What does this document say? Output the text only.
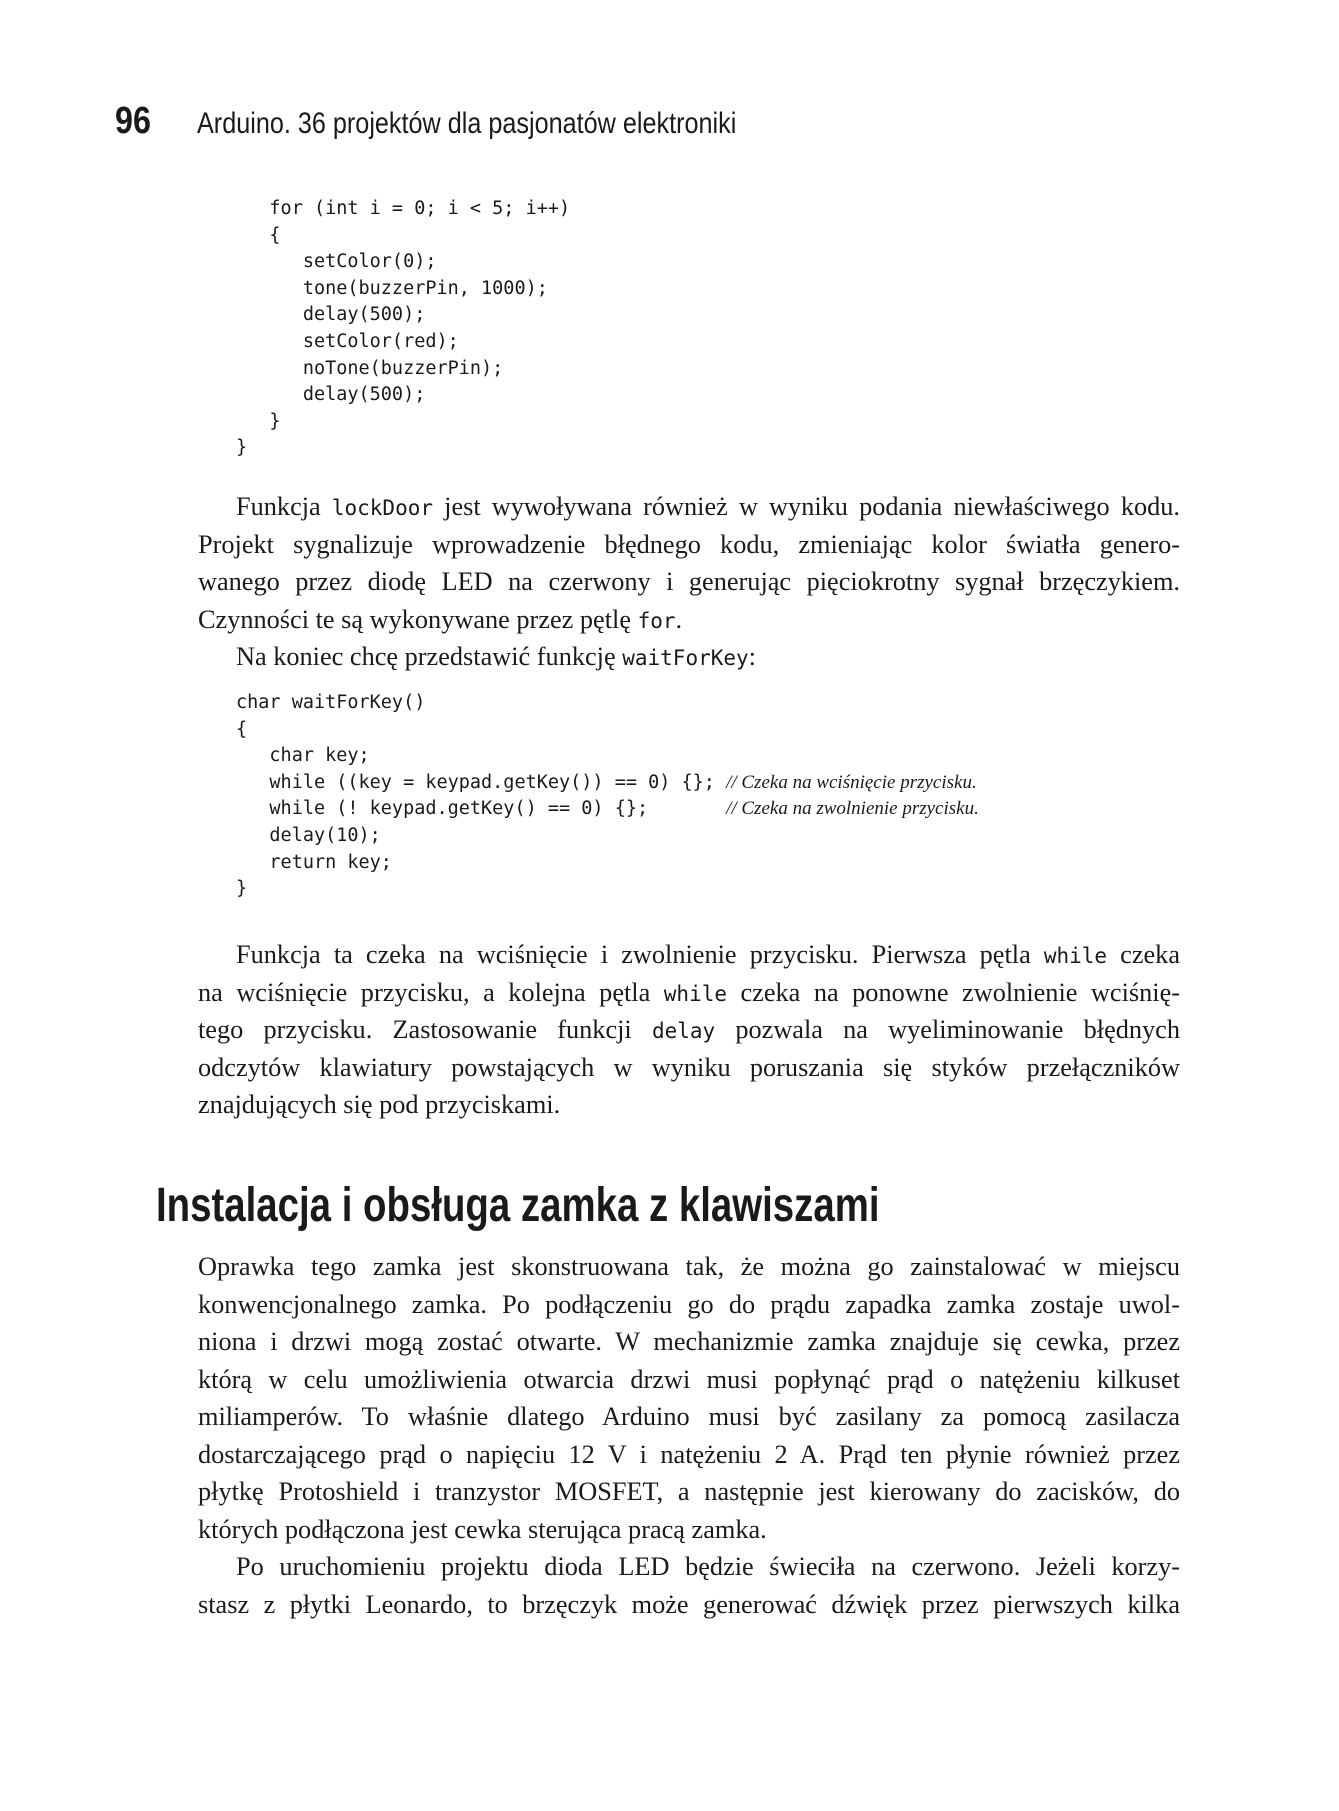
96	Arduino. 36 projektów dla pasjonatów elektroniki
for (int i = 0; i < 5; i++)
{
setColor(0);
tone(buzzerPin, 1000);
delay(500);
setColor(red);
noTone(buzzerPin);
delay(500);
}
}
Funkcja lockDoor jest wywoływana również w wyniku podania niewłaściwego kodu.
Projekt sygnalizuje wprowadzenie błędnego kodu, zmieniając kolor światła genero-
wanego przez diodę LED na czerwony i generując pięciokrotny sygnał brzęczykiem.
Czynności te są wykonywane przez pętlę for.
Na koniec chcę przedstawić funkcję waitForKey:
char waitForKey()
{
char key;
while ((key = keypad.getKey()) == 0) {}; // Czeka na wciśnięcie przycisku.
while (! keypad.getKey() == 0) {};       // Czeka na zwolnienie przycisku.
delay(10);
return key;
}
Funkcja ta czeka na wciśnięcie i zwolnienie przycisku. Pierwsza pętla while czeka
na wciśnięcie przycisku, a kolejna pętla while czeka na ponowne zwolnienie wciśnię-
tego przycisku. Zastosowanie funkcji delay pozwala na wyeliminowanie błędnych
odczytów klawiatury powstających w wyniku poruszania się styków przełączników
znajdujących się pod przyciskami.
Instalacja i obsługa zamka z klawiszami
Oprawka tego zamka jest skonstruowana tak, że można go zainstalować w miejscu
konwencjonalnego zamka. Po podłączeniu go do prądu zapadka zamka zostaje uwol-
niona i drzwi mogą zostać otwarte. W mechanizmie zamka znajduje się cewka, przez
którą w celu umożliwienia otwarcia drzwi musi popłynąć prąd o natężeniu kilkuset
miliamperów. To właśnie dlatego Arduino musi być zasilany za pomocą zasilacza
dostarczającego prąd o napięciu 12 V i natężeniu 2 A. Prąd ten płynie również przez
płytkę Protoshield i tranzystor MOSFET, a następnie jest kierowany do zacisków, do
których podłączona jest cewka sterująca pracą zamka.
Po uruchomieniu projektu dioda LED będzie świeciła na czerwono. Jeżeli korzy-
stasz z płytki Leonardo, to brzęczyk może generować dźwięk przez pierwszych kilka
